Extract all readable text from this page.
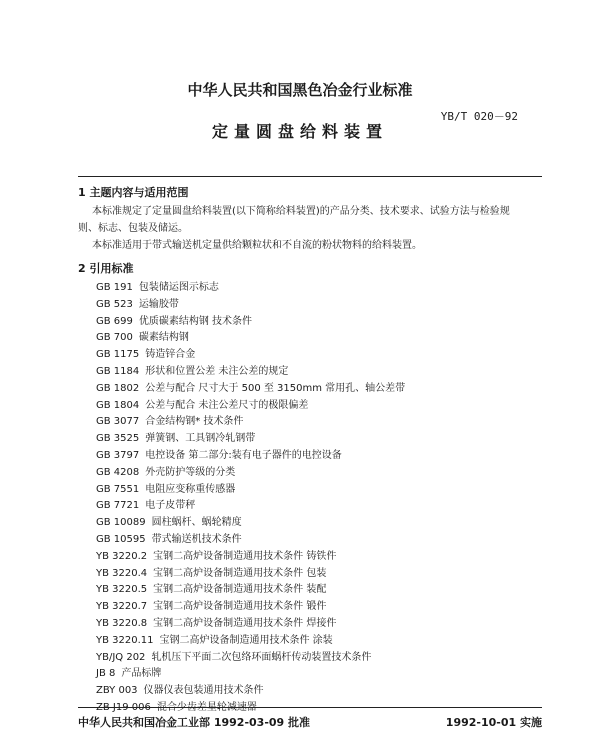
中华人民共和国黑色冶金行业标准
YB/T 020－92
定量圆盘给料装置
1 主题内容与适用范围
本标准规定了定量圆盘给料装置(以下简称给料装置)的产品分类、技术要求、试验方法与检验规
则、标志、包装及储运。
本标准适用于带式输送机定量供给颗粒状和不自流的粉状物料的给料装置。
2 引用标准
GB 191 包装储运图示标志
GB 523 运输胶带
GB 699 优质碳素结构钢 技术条件
GB 700 碳素结构钢
GB 1175 铸造锌合金
GB 1184 形状和位置公差 未注公差的规定
GB 1802 公差与配合 尺寸大于 500 至 3150mm 常用孔、轴公差带
GB 1804 公差与配合 未注公差尺寸的极限偏差
GB 3077 合金结构钢* 技术条件
GB 3525 弹簧钢、工具钢冷轧钢带
GB 3797 电控设备 第二部分:装有电子器件的电控设备
GB 4208 外壳防护等级的分类
GB 7551 电阻应变称重传感器
GB 7721 电子皮带秤
GB 10089 圆柱蜗杆、蜗轮精度
GB 10595 带式输送机技术条件
YB 3220.2 宝钢二高炉设备制造通用技术条件 铸铁件
YB 3220.4 宝钢二高炉设备制造通用技术条件 包装
YB 3220.5 宝钢二高炉设备制造通用技术条件 装配
YB 3220.7 宝钢二高炉设备制造通用技术条件 锻件
YB 3220.8 宝钢二高炉设备制造通用技术条件 焊接件
YB 3220.11 宝钢二高炉设备制造通用技术条件 涂装
YB/JQ 202 轧机压下平面二次包络环面蜗杆传动装置技术条件
JB 8 产品标牌
ZBY 003 仪器仪表包装通用技术条件
ZB J19 006 混合少齿差星轮减速器
中华人民共和国冶金工业部 1992-03-09 批准	1992-10-01 实施
